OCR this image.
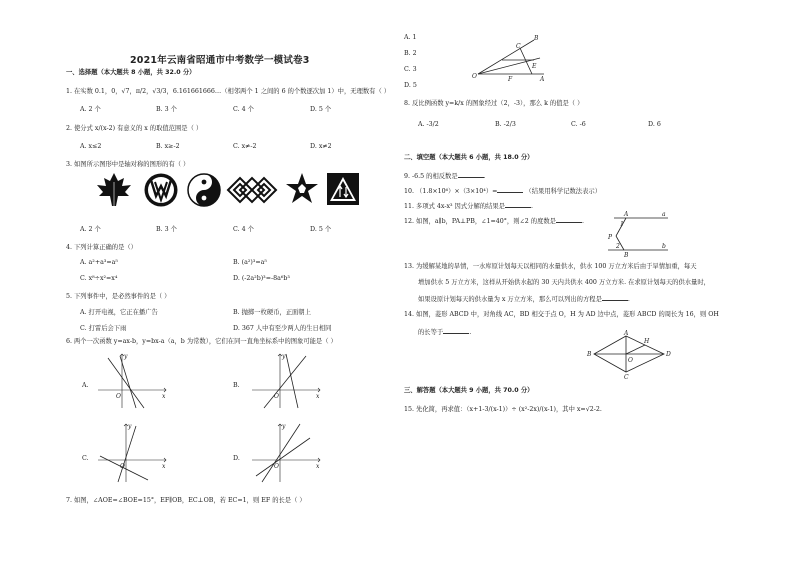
2021年云南省昭通市中考数学一模试卷3
一、选择题（本大题共 8 小题，共 32.0 分）
1. 在实数 0.1，0，√7，π/2，√3/3，6.161661666…（相邻两个 1 之间的 6 的个数逐次加 1）中，无理数有（ ）
A. 2 个	B. 3 个	C. 4 个	D. 5 个
2. 使分式 x/(x-2) 有意义的 x 的取值范围是（ ）
A. x≤2	B. x≥-2	C. x≠-2	D. x≠2
3. 如图所示图形中是轴对称的图形的有（ ）
A. 2 个	B. 3 个	C. 4 个	D. 5 个
4. 下列计算正确的是（）
A. a²+a³=a⁵	B. (a²)³=a⁵
C. x⁸÷x²=x⁴	D. (-2a²b)³=-8a⁶b³
5. 下列事件中，是必然事件的是（ ）
A. 打开电视，它正在播广告	B. 抛掷一枚硬币，正面朝上
C. 打雷后会下雨	D. 367 人中有至少两人的生日相同
6. 两个一次函数 y=ax-b，y=bx-a（a，b 为常数），它们在同一直角坐标系中的图象可能是（ ）
A.
y
x
O
B.
y
x
O
C.
y
x
O
D.
y
x
O
7. 如图，∠AOE=∠BOE=15°，EF∥OB，EC⊥OB，若 EC=1，则 EF 的长是（ ）
A. 1
B. 2
C. 3
D. 5
B
C
E
O	F	A
8. 反比例函数 y=k/x 的图象经过（2，-3），那么 k 的值是（ ）
A. -3/2	B. -2/3	C. -6	D. 6
二、填空题（本大题共 6 小题，共 18.0 分）
9. -6.5 的相反数是	.
10. （1.8×10⁶）×（3×10⁴）=	（结果用科学记数法表示）
11. 多项式 4x-x³ 因式分解的结果是	.
12. 如图，a∥b，PA⊥PB，∠1=40°，则∠2 的度数是	.
A	a
1
P
2
B
b
13. 为缓解某地的旱情，一水库原计划每天以相同的水量供水，供水 100 万立方米后由于旱情加重，每天
增加供水 5 万立方米，这样从开始供水起的 30 天内共供水 400 万立方米. 在求原计划每天的供水量时，
如果设原计划每天的供水量为 x 万立方米，那么可以列出的方程是	.
14. 如图，菱形 ABCD 中，对角线 AC，BD 相交于点 O，H 为 AD 边中点，菱形 ABCD 的周长为 16，则 OH
的长等于	.	A
H
B
O
D
C
三、解答题（本大题共 9 小题，共 70.0 分）
15. 先化简，再求值：（x+1-3/(x-1)）÷ (x²-2x)/(x-1)，其中 x=√2-2.
